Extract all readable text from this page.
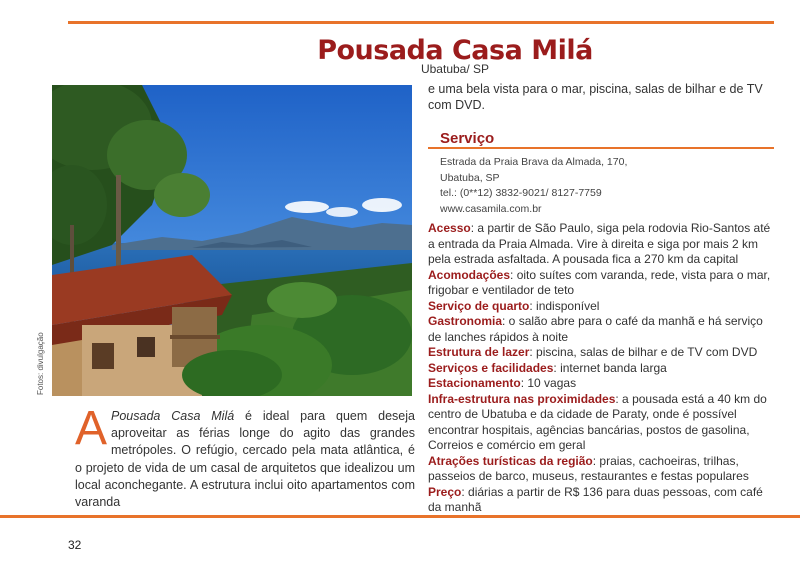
Pousada Casa Milá
Ubatuba/ SP
Fotos: divulgação
e uma bela vista para o mar, piscina, salas de bilhar e de TV com DVD.
Serviço
Estrada da Praia Brava da Almada, 170,
Ubatuba, SP
tel.: (0**12) 3832-9021/ 8127-7759
www.casamila.com.br
Acesso: a partir de São Paulo, siga pela rodovia Rio-Santos até a entrada da Praia Almada. Vire à direita e siga por mais 2 km pela estrada asfaltada. A pousada fica a 270 km da capital
Acomodações: oito suítes com varanda, rede, vista para o mar, frigobar e ventilador de teto
Serviço de quarto: indisponível
Gastronomia: o salão abre para o café da manhã e há serviço de lanches rápidos à noite
Estrutura de lazer: piscina, salas de bilhar e de TV com DVD
Serviços e facilidades: internet banda larga
Estacionamento: 10 vagas
Infra-estrutura nas proximidades: a pousada está a 40 km do centro de Ubatuba e da cidade de Paraty, onde é possível encontrar hospitais, agências bancárias, postos de gasolina, Correios e comércio em geral
Atrações turísticas da região: praias, cachoeiras, trilhas, passeios de barco, museus, restaurantes e festas populares
Preço: diárias a partir de R$ 136 para duas pessoas, com café da manhã
A Pousada Casa Milá é ideal para quem deseja aproveitar as férias longe do agito das grandes metrópoles. O refúgio, cercado pela mata atlântica, é o projeto de vida de um casal de arquitetos que idealizou um local aconchegante. A estrutura inclui oito apartamentos com varanda
32
